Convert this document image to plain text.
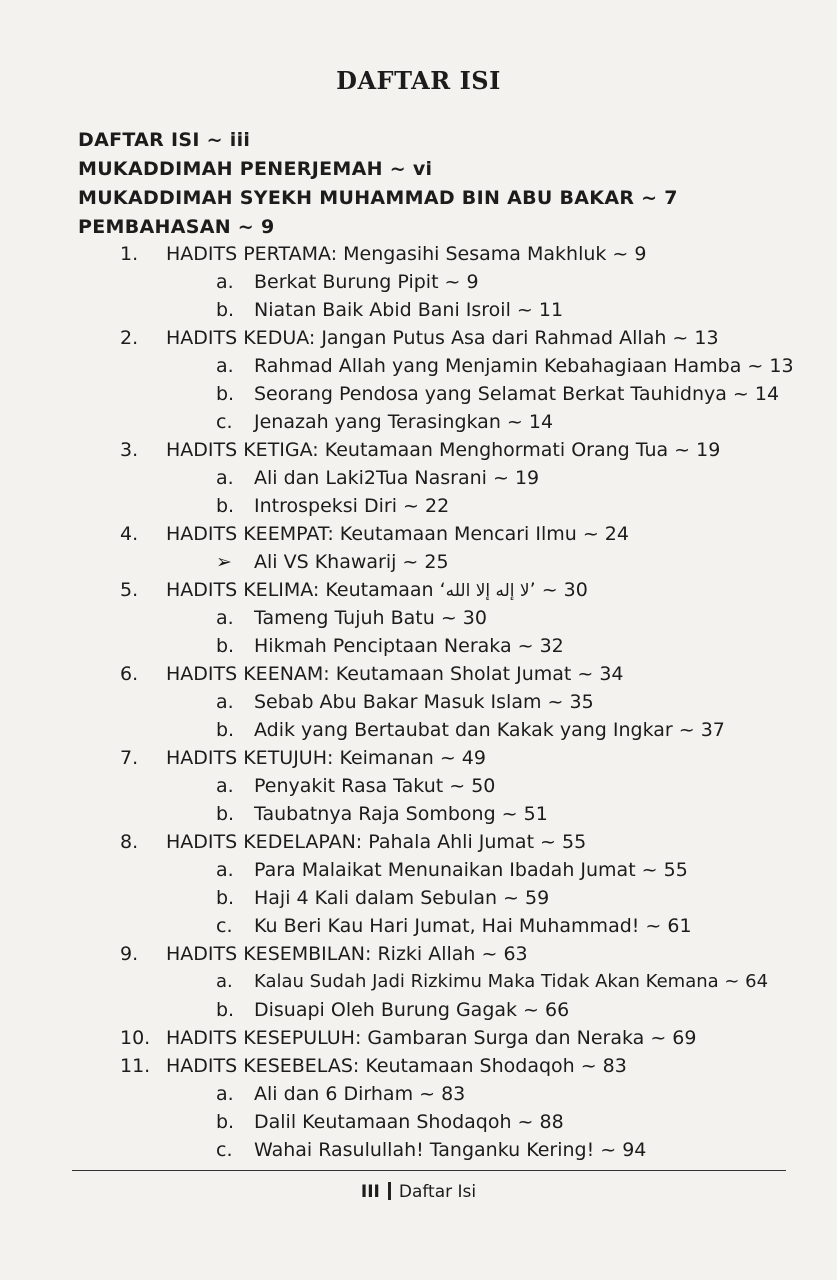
DAFTAR ISI
DAFTAR ISI ~ iii
MUKADDIMAH PENERJEMAH ~ vi
MUKADDIMAH SYEKH MUHAMMAD BIN ABU BAKAR ~ 7
PEMBAHASAN ~ 9
1. HADITS PERTAMA: Mengasihi Sesama Makhluk ~ 9
a. Berkat Burung Pipit ~ 9
b. Niatan Baik Abid Bani Isroil ~ 11
2. HADITS KEDUA: Jangan Putus Asa dari Rahmad Allah ~ 13
a. Rahmad Allah yang Menjamin Kebahagiaan Hamba ~ 13
b. Seorang Pendosa yang Selamat Berkat Tauhidnya ~ 14
c. Jenazah yang Terasingkan ~ 14
3. HADITS KETIGA: Keutamaan Menghormati Orang Tua ~ 19
a. Ali dan Laki2Tua Nasrani ~ 19
b. Introspeksi Diri ~ 22
4. HADITS KEEMPAT: Keutamaan Mencari Ilmu ~ 24
➢ Ali VS Khawarij ~ 25
5. HADITS KELIMA: Keutamaan ‘لا إله إلا الله’ ~ 30
a. Tameng Tujuh Batu ~ 30
b. Hikmah Penciptaan Neraka ~ 32
6. HADITS KEENAM: Keutamaan Sholat Jumat ~ 34
a. Sebab Abu Bakar Masuk Islam ~ 35
b. Adik yang Bertaubat dan Kakak yang Ingkar ~ 37
7. HADITS KETUJUH: Keimanan ~ 49
a. Penyakit Rasa Takut ~ 50
b. Taubatnya Raja Sombong ~ 51
8. HADITS KEDELAPAN: Pahala Ahli Jumat ~ 55
a. Para Malaikat Menunaikan Ibadah Jumat ~ 55
b. Haji 4 Kali dalam Sebulan ~ 59
c. Ku Beri Kau Hari Jumat, Hai Muhammad! ~ 61
9. HADITS KESEMBILAN: Rizki Allah ~ 63
a. Kalau Sudah Jadi Rizkimu Maka Tidak Akan Kemana ~ 64
b. Disuapi Oleh Burung Gagak ~ 66
10. HADITS KESEPULUH: Gambaran Surga dan Neraka ~ 69
11. HADITS KESEBELAS: Keutamaan Shodaqoh ~ 83
a. Ali dan 6 Dirham ~ 83
b. Dalil Keutamaan Shodaqoh ~ 88
c. Wahai Rasulullah! Tanganku Kering! ~ 94
III Daftar Isi
